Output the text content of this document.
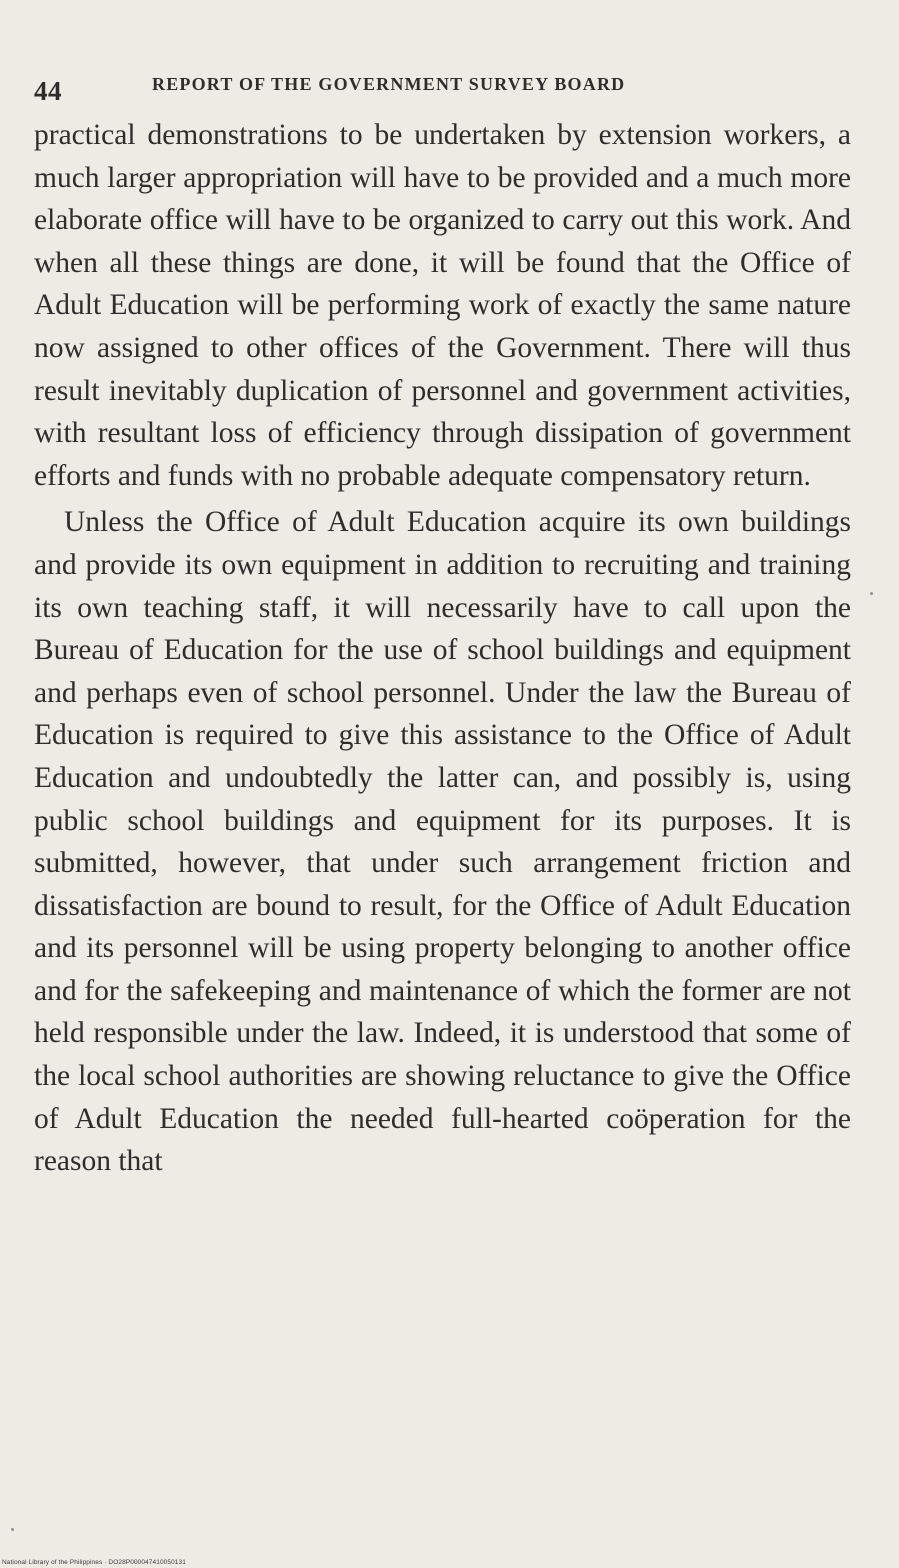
44	REPORT OF THE GOVERNMENT SURVEY BOARD

practical demonstrations to be undertaken by extension workers, a much larger appropriation will have to be provided and a much more elaborate office will have to be organized to carry out this work. And when all these things are done, it will be found that the Office of Adult Education will be performing work of exactly the same nature now assigned to other offices of the Government. There will thus result inevitably duplication of personnel and government activities, with resultant loss of efficiency through dissipation of government efforts and funds with no probable adequate compensatory return.

Unless the Office of Adult Education acquire its own buildings and provide its own equipment in addition to recruiting and training its own teaching staff, it will necessarily have to call upon the Bureau of Education for the use of school buildings and equipment and perhaps even of school personnel. Under the law the Bureau of Education is required to give this assistance to the Office of Adult Education and undoubtedly the latter can, and possibly is, using public school buildings and equipment for its purposes. It is submitted, however, that under such arrangement friction and dissatisfaction are bound to result, for the Office of Adult Education and its personnel will be using property belonging to another office and for the safekeeping and maintenance of which the former are not held responsible under the law. Indeed, it is understood that some of the local school authorities are showing reluctance to give the Office of Adult Education the needed full-hearted coöperation for the reason that

National Library of the Philippines · DO28P000047410050131
